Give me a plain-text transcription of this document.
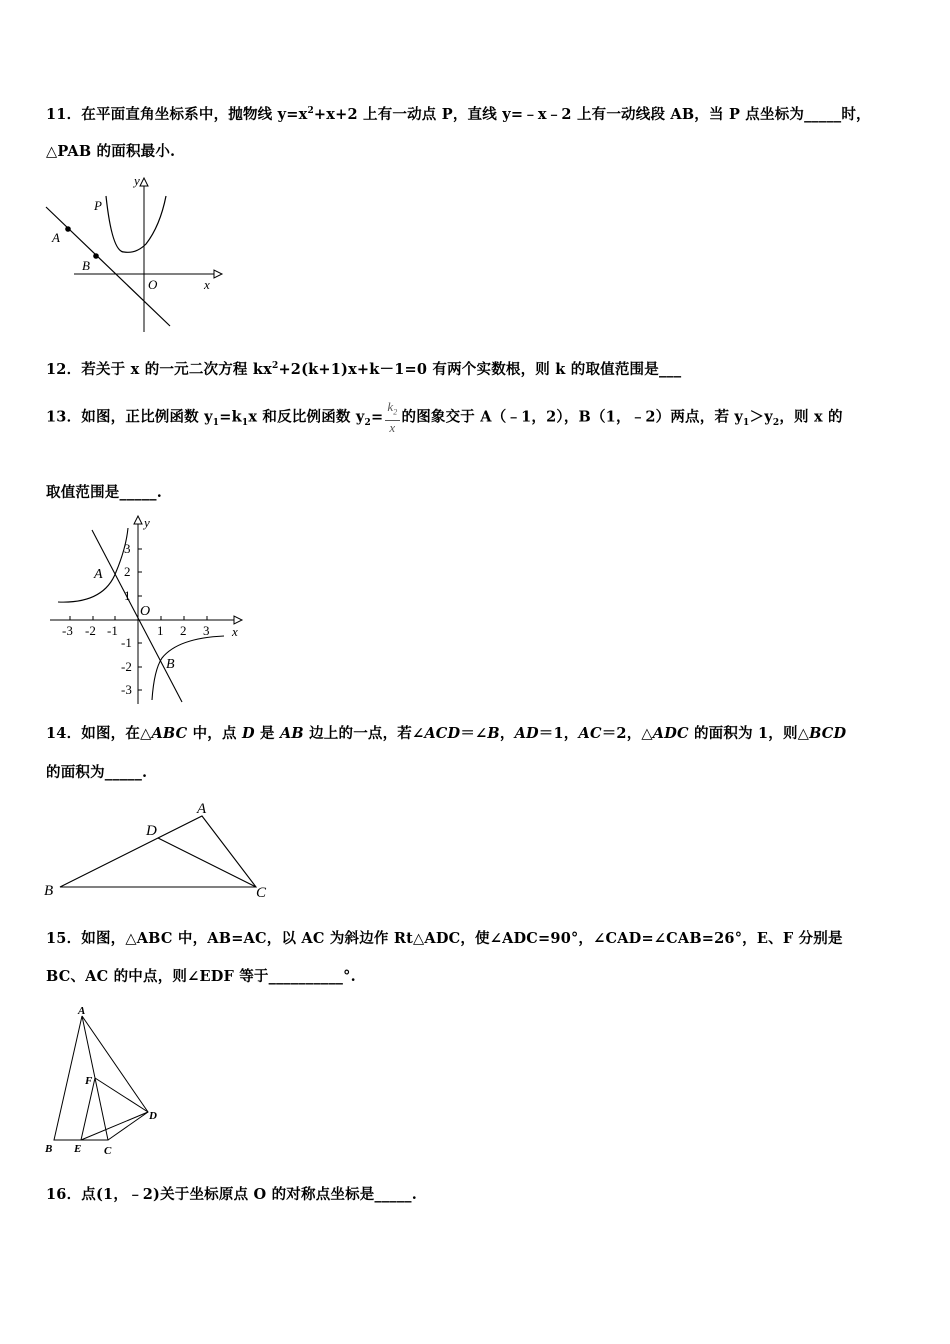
11．在平面直角坐标系中，抛物线 $y=x^2+x+2$ 上有一动点 P，直线 y=﹣x﹣2 上有一动线段 AB，当 P 点坐标为_____时，
△PAB 的面积最小.
y
x
O
P
A
B
12．若关于 x 的一元二次方程 $kx^2+2(k+1)x+k-1=0$ 有两个实数根，则 k 的取值范围是___
13．如图，正比例函数 $y_1=k_1x$ 和反比例函数 $y_2= \frac{k_2}{x}$ 的图象交于 A（﹣1，2），B（1，﹣2）两点，若 $y_1>y_2$，则 x 的
取值范围是_____.
y
x
O
A
B
-3 -2 -1	1 2 3
3
2
1
-1
-2
-3
14．如图，在△ABC 中，点 D 是 AB 边上的一点，若∠ACD＝∠B，AD＝1，AC＝2，△ADC 的面积为 1，则△BCD
的面积为_____.
A
B	C
D
15．如图，△ABC 中，AB=AC，以 AC 为斜边作 Rt△ADC，使∠ADC=90°，∠CAD=∠CAB=26°，E、F 分别是
BC、AC 的中点，则∠EDF 等于__________°.
A
B	C
D
E
F
16．点(1，﹣2)关于坐标原点 O 的对称点坐标是_____.
